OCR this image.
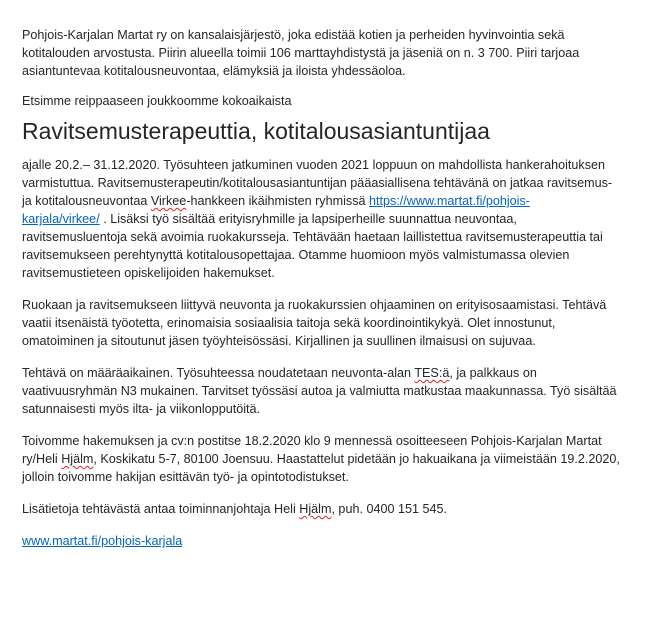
Pohjois-Karjalan Martat ry on kansalaisjärjestö, joka edistää kotien ja perheiden hyvinvointia sekä
kotitalouden arvostusta. Piirin alueella toimii 106 marttayhdistystä ja jäseniä on n. 3 700. Piiri tarjoaa
asiantuntevaa kotitalousneuvontaa, elämyksiä ja iloista yhdessäoloa.

Etsimme reippaaseen joukkoomme kokoaikaista

Ravitsemusterapeuttia, kotitalousasiantuntijaa

ajalle 20.2.– 31.12.2020. Työsuhteen jatkuminen vuoden 2021 loppuun on mahdollista hankerahoituksen
varmistuttua. Ravitsemusterapeutin/kotitalousasiantuntijan pääasiallisena tehtävänä on jatkaa ravitsemus-
ja kotitalousneuvontaa Virkee-hankkeen ikäihmisten ryhmissä https://www.martat.fi/pohjois-
karjala/virkee/ . Lisäksi työ sisältää erityisryhmille ja lapsiperheille suunnattua neuvontaa,
ravitsemusluentoja sekä avoimia ruokakursseja. Tehtävään haetaan laillistettua ravitsemusterapeuttia tai
ravitsemukseen perehtynyttä kotitalousopettajaa. Otamme huomioon myös valmistumassa olevien
ravitsemustieteen opiskelijoiden hakemukset.

Ruokaan ja ravitsemukseen liittyvä neuvonta ja ruokakurssien ohjaaminen on erityisosaamistasi. Tehtävä
vaatii itsenäistä työotetta, erinomaisia sosiaalisia taitoja sekä koordinointikykyä. Olet innostunut,
omatoiminen ja sitoutunut jäsen työyhteisössäsi. Kirjallinen ja suullinen ilmaisusi on sujuvaa.

Tehtävä on määräaikainen. Työsuhteessa noudatetaan neuvonta-alan TES:ä, ja palkkaus on
vaativuusryhmän N3 mukainen. Tarvitset työssäsi autoa ja valmiutta matkustaa maakunnassa. Työ sisältää
satunnaisesti myös ilta- ja viikonlopputöitä.

Toivomme hakemuksen ja cv:n postitse 18.2.2020 klo 9 mennessä osoitteeseen Pohjois-Karjalan Martat
ry/Heli Hjälm, Koskikatu 5-7, 80100 Joensuu. Haastattelut pidetään jo hakuaikana ja viimeistään 19.2.2020,
jolloin toivomme hakijan esittävän työ- ja opintotodistukset.

Lisätietoja tehtävästä antaa toiminnanjohtaja Heli Hjälm, puh. 0400 151 545.

www.martat.fi/pohjois-karjala
